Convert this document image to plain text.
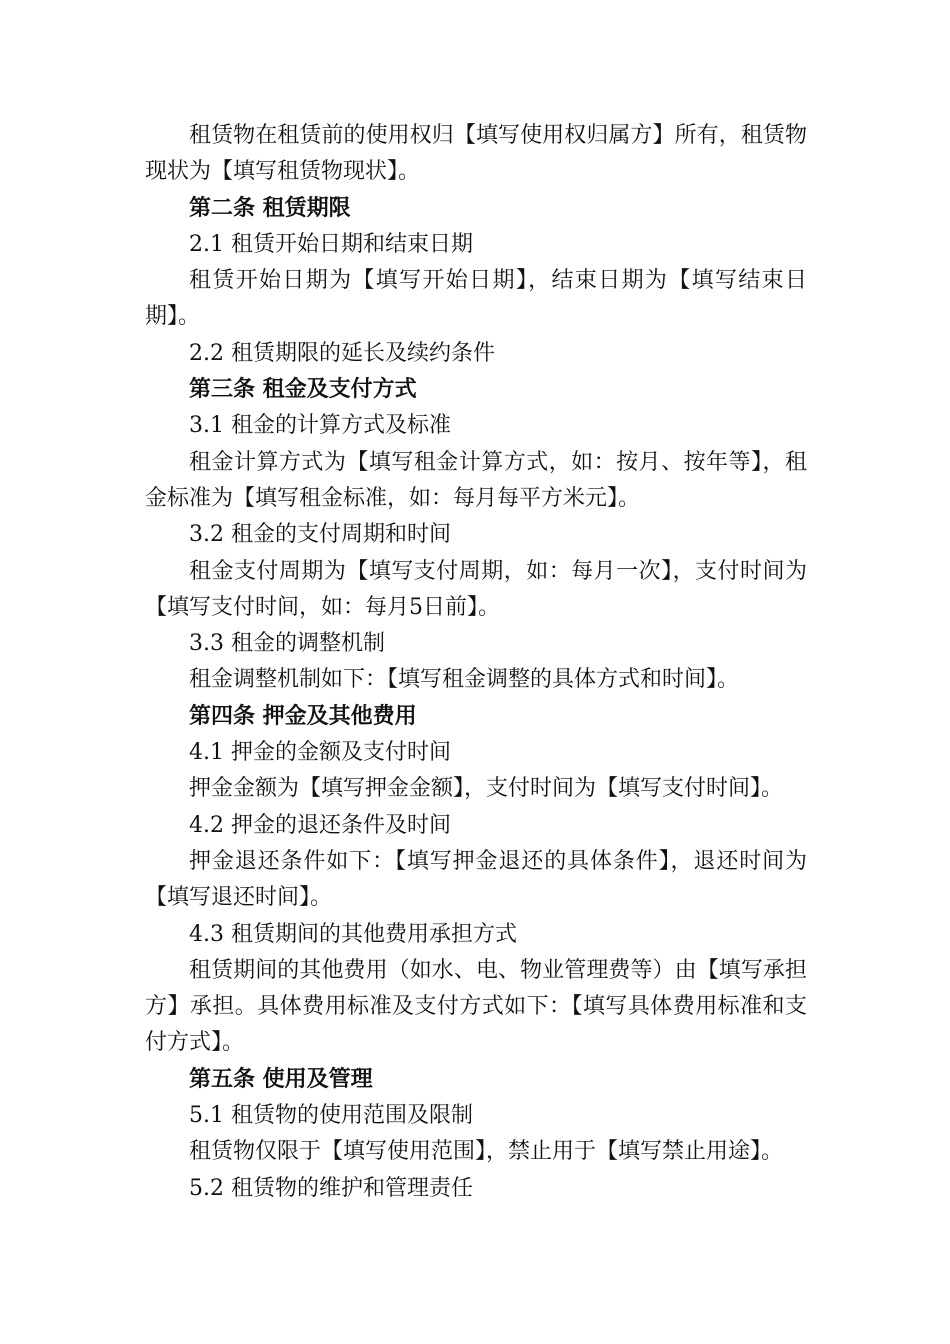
租赁物在租赁前的使用权归【填写使用权归属方】所有，租赁物现状为【填写租赁物现状】。

第二条 租赁期限

2.1 租赁开始日期和结束日期

租赁开始日期为【填写开始日期】，结束日期为【填写结束日期】。

2.2 租赁期限的延长及续约条件

第三条 租金及支付方式

3.1 租金的计算方式及标准

租金计算方式为【填写租金计算方式，如：按月、按年等】，租金标准为【填写租金标准，如：每月每平方米元】。

3.2 租金的支付周期和时间

租金支付周期为【填写支付周期，如：每月一次】，支付时间为【填写支付时间，如：每月5日前】。

3.3 租金的调整机制

租金调整机制如下：【填写租金调整的具体方式和时间】。

第四条 押金及其他费用

4.1 押金的金额及支付时间

押金金额为【填写押金金额】，支付时间为【填写支付时间】。

4.2 押金的退还条件及时间

押金退还条件如下：【填写押金退还的具体条件】，退还时间为【填写退还时间】。

4.3 租赁期间的其他费用承担方式

租赁期间的其他费用（如水、电、物业管理费等）由【填写承担方】承担。具体费用标准及支付方式如下：【填写具体费用标准和支付方式】。

第五条 使用及管理

5.1 租赁物的使用范围及限制

租赁物仅限于【填写使用范围】，禁止用于【填写禁止用途】。

5.2 租赁物的维护和管理责任
